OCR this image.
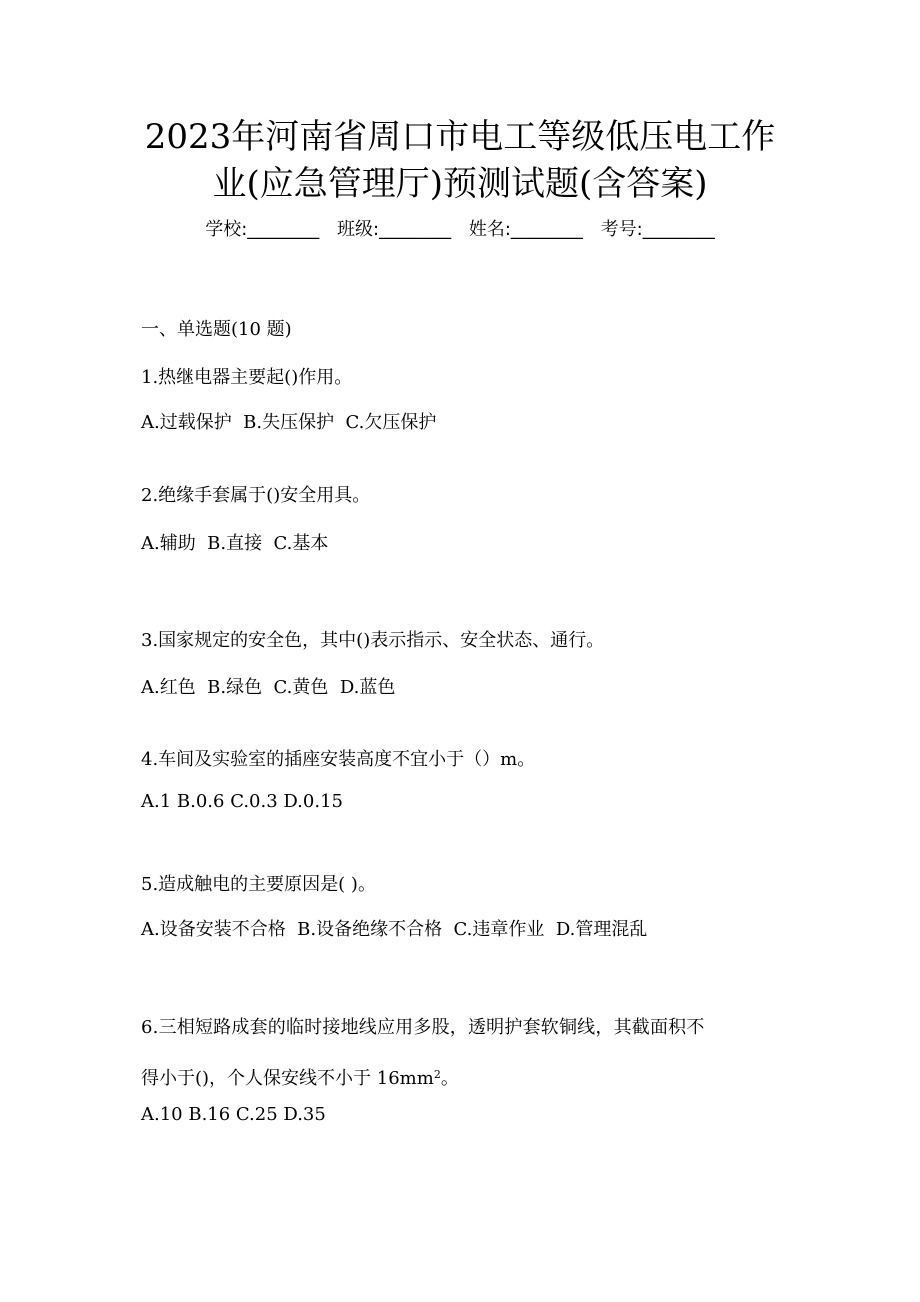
2023年河南省周口市电工等级低压电工作
业(应急管理厅)预测试题(含答案)
学校:________ 班级:________ 姓名:________ 考号:________
一、单选题(10 题)
1.热继电器主要起()作用。
A.过载保护  B.失压保护  C.欠压保护
2.绝缘手套属于()安全用具。
A.辅助  B.直接  C.基本
3.国家规定的安全色，其中()表示指示、安全状态、通行。
A.红色  B.绿色  C.黄色  D.蓝色
4.车间及实验室的插座安装高度不宜小于（）m。
A.1 B.0.6 C.0.3 D.0.15
5.造成触电的主要原因是( )。
A.设备安装不合格  B.设备绝缘不合格  C.违章作业  D.管理混乱
6.三相短路成套的临时接地线应用多股，透明护套软铜线，其截面积不
得小于()，个人保安线不小于 $16mm^2$。
A.10 B.16 C.25 D.35
